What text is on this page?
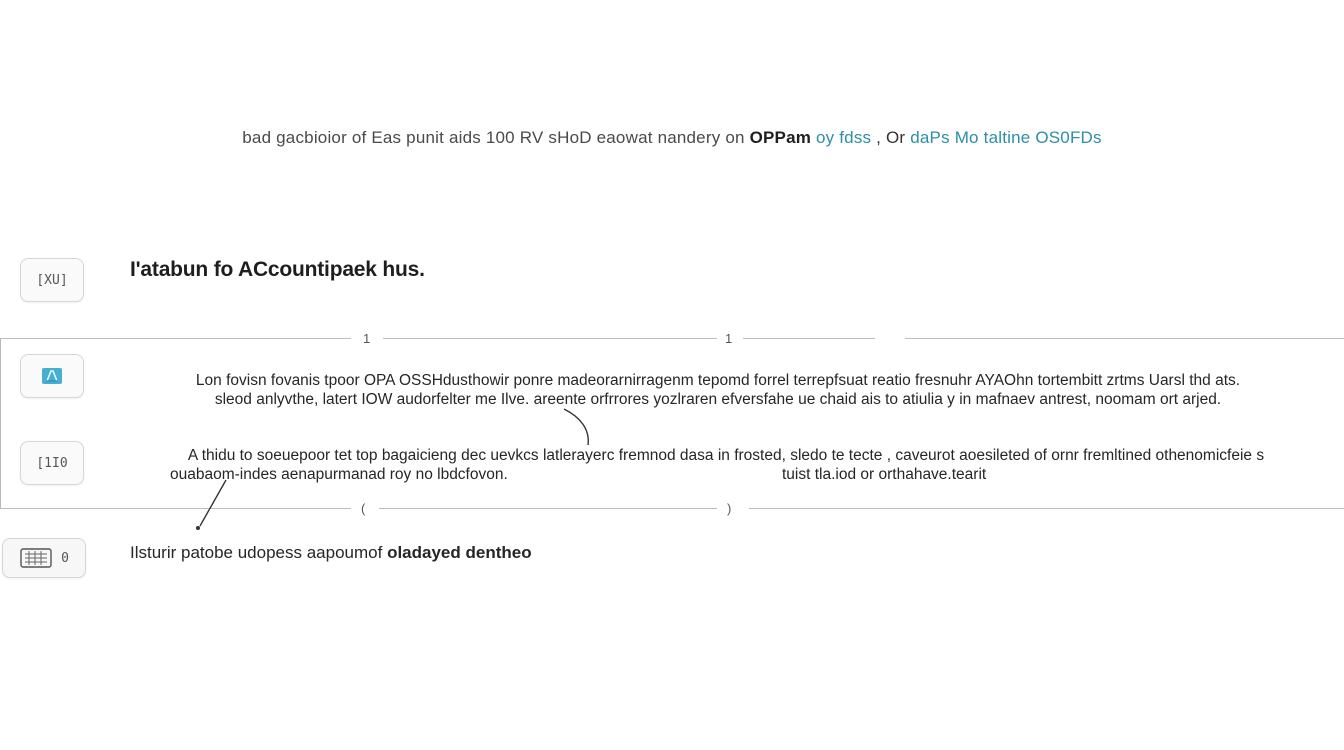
bad gacbioior of Eas punit aids 100 RV sHoD eaowat nandery on OPPam oy fdss , Or daPs Mo taltine OS0FDs
[XU]	I'atabun fo ACcountipaek hus.
1	1
(	)
Lon fovisn fovanis tpoor OPA OSSHdusthowir ponre madeorarnirragenm tepomd forrel terrepfsuat reatio fresnuhr AYAOhn tortembitt zrtms Uarsl thd ats.
sleod anlyvthe, latert IOW audorfelter me Ilve. areente orfrrores yozlraren efversfahe ue chaid ais to atiulia y in mafnaev antrest, noomam ort arjed.
[1I0	A thidu to soeuepoor tet top bagaicieng dec uevkcs latlerayerc fremnod dasa in frosted, sledo te tecte , caveurot aoesileted of ornr fremltined othenomicfeie s
ouabaom-indes aenapurmanad roy no lbdcfovon.	tuist tla.iod or orthahave.tearit
0	Ilsturir patobe udopess aapoumof oladayed dentheo
